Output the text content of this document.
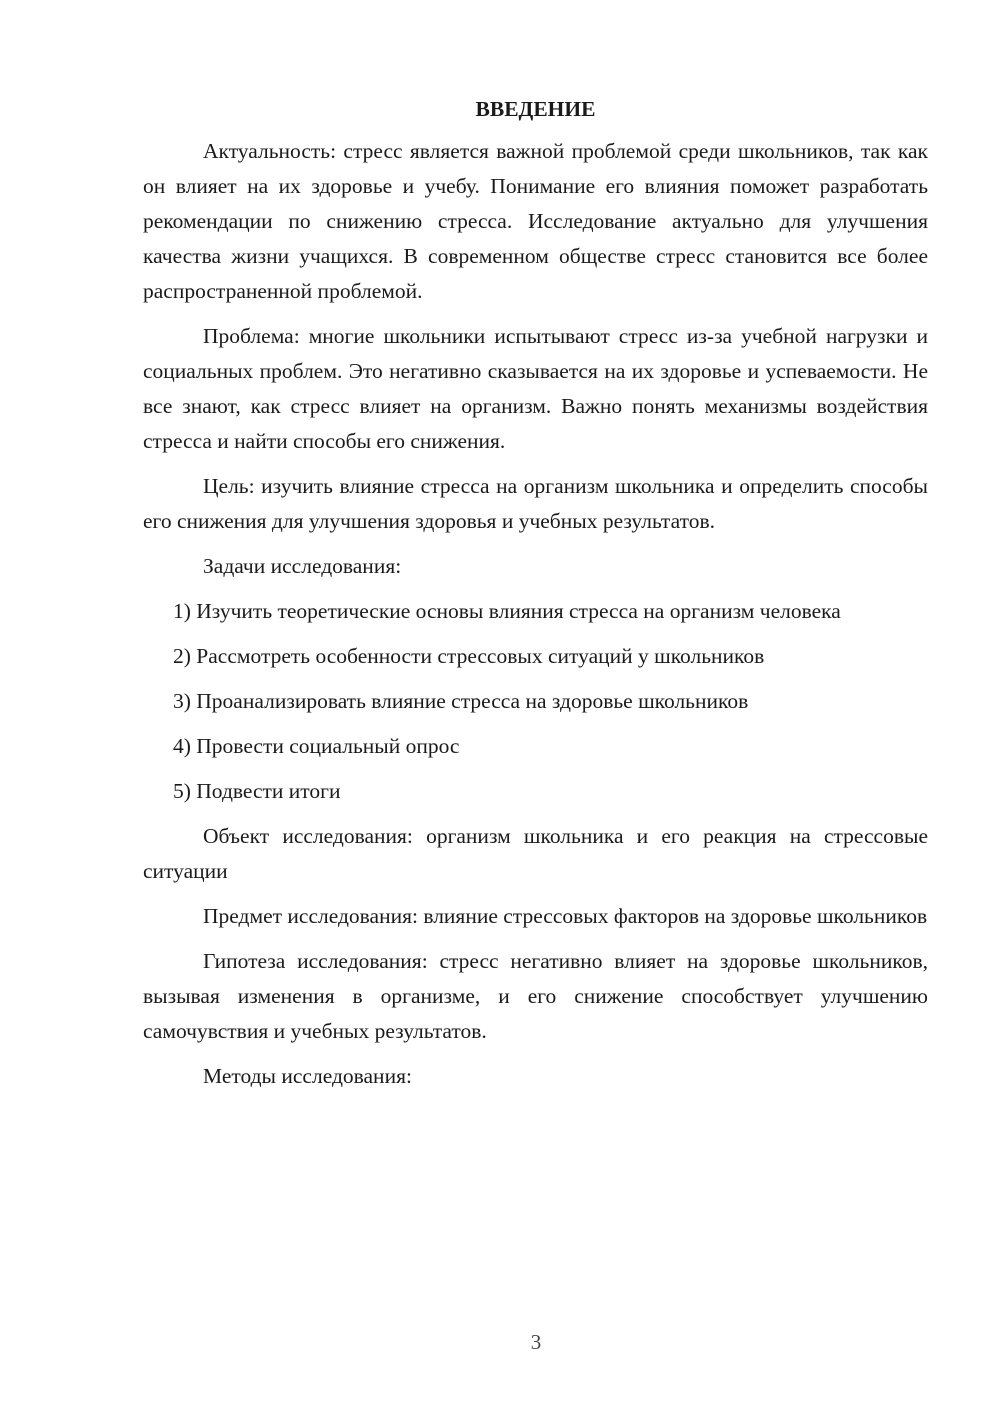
ВВЕДЕНИЕ

Актуальность: стресс является важной проблемой среди школьников, так как он влияет на их здоровье и учебу. Понимание его влияния поможет разработать рекомендации по снижению стресса. Исследование актуально для улучшения качества жизни учащихся. В современном обществе стресс становится все более распространенной проблемой.

Проблема: многие школьники испытывают стресс из-за учебной нагрузки и социальных проблем. Это негативно сказывается на их здоровье и успеваемости. Не все знают, как стресс влияет на организм. Важно понять механизмы воздействия стресса и найти способы его снижения.

Цель: изучить влияние стресса на организм школьника и определить способы его снижения для улучшения здоровья и учебных результатов.

Задачи исследования:

1) Изучить теоретические основы влияния стресса на организм человека
2) Рассмотреть особенности стрессовых ситуаций у школьников
3) Проанализировать влияние стресса на здоровье школьников
4) Провести социальный опрос
5) Подвести итоги

Объект исследования: организм школьника и его реакция на стрессовые ситуации

Предмет исследования: влияние стрессовых факторов на здоровье школьников

Гипотеза исследования: стресс негативно влияет на здоровье школьников, вызывая изменения в организме, и его снижение способствует улучшению самочувствия и учебных результатов.

Методы исследования:

3
